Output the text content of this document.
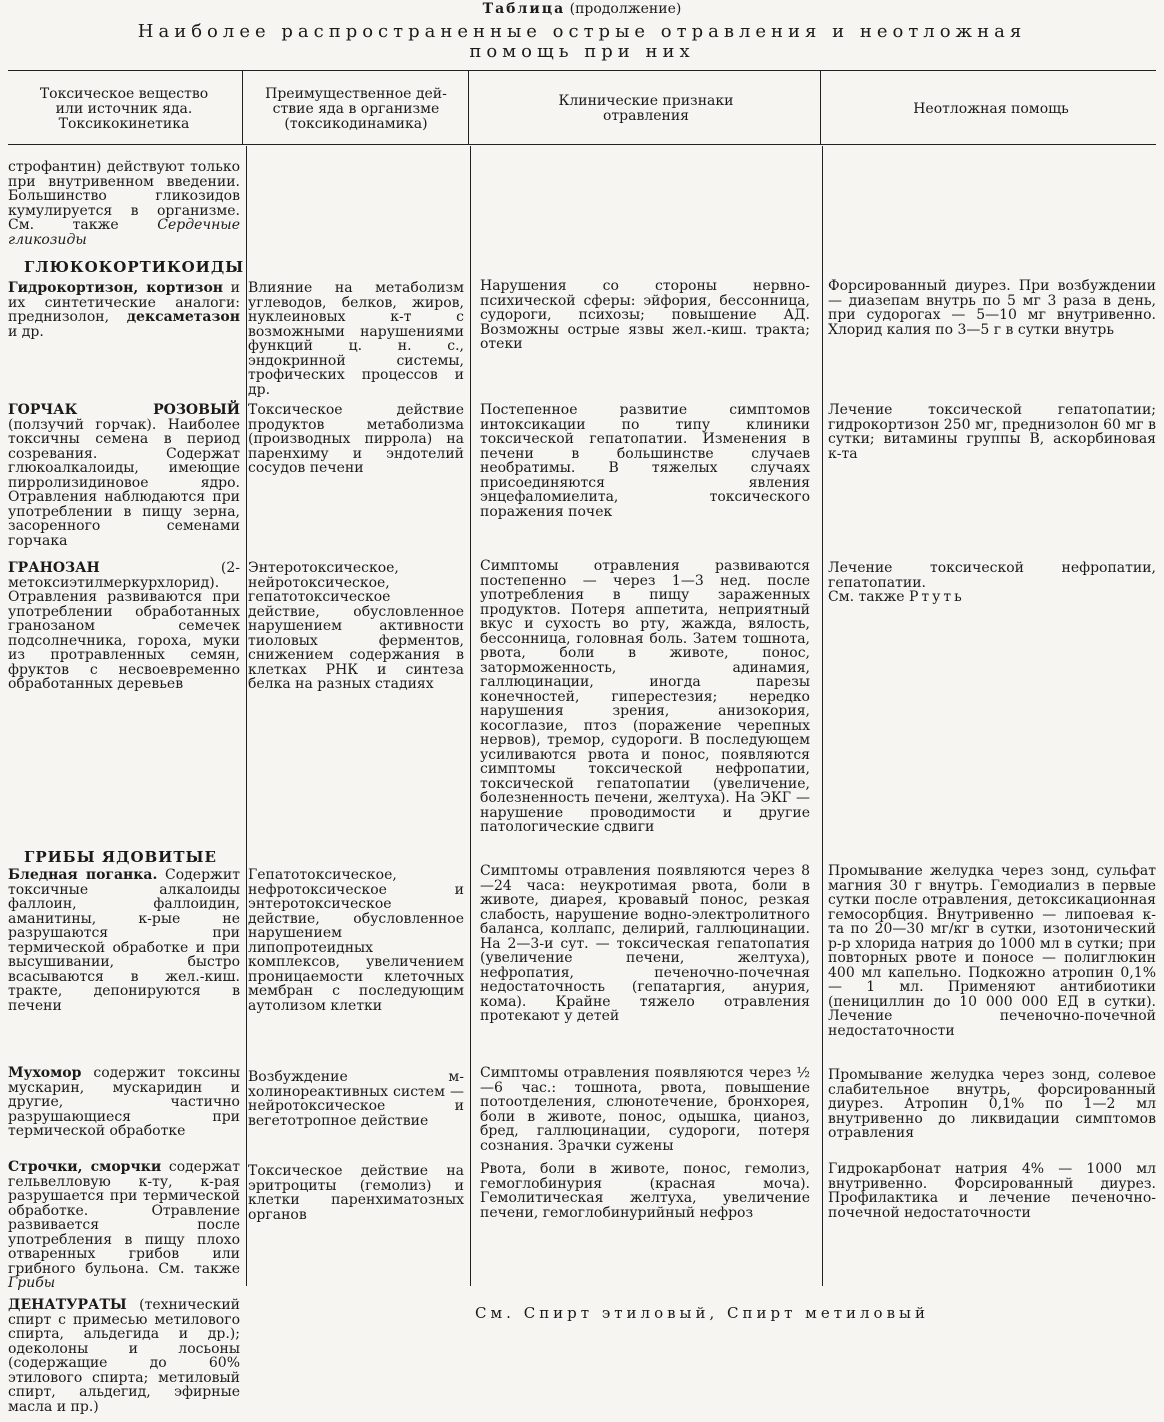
Таблица (продолжение)
Наиболее распространенные острые отравления и неотложная
помощь при них
Токсическое вещество
или источник яда.
Токсикокинетика
Преимущественное дей-
ствие яда в организме
(токсикодинамика)
Клинические признаки
отравления	Неотложная помощь
строфантин) действуют только при внутривенном введении. Большинство гликозидов кумулируется в организме. См. также	Сердечные гликозиды
ГЛЮКОКОРТИКОИДЫ
Гидрокортизон, кортизон и их синтетические аналоги: преднизолон, дексаметазон и др.
Влияние на метаболизм углеводов, белков, жиров, нуклеиновых к-т с возможными нарушениями функций ц. н. с., эндокринной системы, трофических процессов и др.
Нарушения со стороны нервно-психической сферы: эйфория, бессонница, судороги, психозы; повышение АД. Возможны острые язвы жел.-киш. тракта; отеки
Форсированный диурез. При возбуждении — диазепам внутрь по 5 мг 3 раза в день, при судорогах — 5—10 мг внутривенно. Хлорид калия по 3—5 г в сутки внутрь
ГОРЧАК РОЗОВЫЙ (ползучий горчак). Наиболее токсичны семена в период созревания. Содержат глюкоалкалоиды, имеющие пирролизидиновое ядро. Отравления наблюдаются при употреблении в пищу зерна, засоренного семенами горчака
Токсическое действие продуктов метаболизма (производных пиррола) на паренхиму и эндотелий сосудов печени
Постепенное развитие симптомов интоксикации по типу клиники токсической гепатопатии. Изменения в печени в большинстве случаев необратимы. В тяжелых случаях присоединяются явления энцефаломиелита, токсического поражения почек
Лечение токсической гепатопатии; гидрокортизон 250 мг, преднизолон 60 мг в сутки; витамины группы B, аскорбиновая к-та
ГРАНОЗАН (2-метоксиэтилмеркурхлорид). Отравления развиваются при употреблении обработанных гранозаном семечек подсолнечника, гороха, муки из протравленных семян, фруктов с несвоевременно обработанных деревьев
Энтеротоксическое, нейротоксическое, гепатотоксическое действие, обусловленное нарушением активности тиоловых ферментов, снижением содержания в клетках РНК и синтеза белка на разных стадиях
Симптомы отравления развиваются постепенно — через 1—3 нед. после употребления в пищу зараженных продуктов. Потеря аппетита, неприятный вкус и сухость во рту, жажда, вялость, бессонница, головная боль. Затем тошнота, рвота, боли в животе, понос, заторможенность, адинамия, галлюцинации, иногда парезы конечностей, гиперестезия; нередко нарушения зрения, анизокория, косоглазие, птоз (поражение черепных нервов), тремор, судороги. В последующем усиливаются рвота и понос, появляются симптомы токсической нефропатии, токсической гепатопатии (увеличение, болезненность печени, желтуха). На ЭКГ — нарушение проводимости и другие патологические сдвиги
Лечение токсической нефропатии, гепатопатии.
См. также Ртуть
ГРИБЫ ЯДОВИТЫЕ
Бледная поганка. Содержит токсичные алкалоиды фаллоин, фаллоидин, аманитины, к-рые не разрушаются при термической обработке и при высушивании, быстро всасываются в жел.-киш. тракте, депонируются в печени
Гепатотоксическое, нефротоксическое и энтеротоксическое действие, обусловленное нарушением липопротеидных комплексов, увеличением проницаемости клеточных мембран с последующим аутолизом клетки
Симптомы отравления появляются через 8—24 часа: неукротимая рвота, боли в животе, диарея, кровавый понос, резкая слабость, нарушение водно-электролитного баланса, коллапс, делирий, галлюцинации. На 2—3-и сут. — токсическая гепатопатия (увеличение печени, желтуха), нефропатия, печеночно-почечная недостаточность (гепатаргия, анурия, кома). Крайне тяжело отравления протекают у детей
Промывание желудка через зонд, сульфат магния 30 г внутрь. Гемодиализ в первые сутки после отравления, детоксикационная гемосорбция. Внутривенно — липоевая к-та по 20—30 мг/кг в сутки, изотонический р-р хлорида натрия до 1000 мл в сутки; при повторных рвоте и поносе — полиглюкин 400 мл капельно. Подкожно атропин 0,1% — 1 мл. Применяют антибиотики (пенициллин до 10 000 000 ЕД в сутки). Лечение печеночно-почечной недостаточности
Мухомор содержит токсины мускарин, мускаридин и другие, частично разрушающиеся при термической обработке
Возбуждение м-холинореактивных систем — нейротоксическое и вегетотропное действие
Симптомы отравления появляются через ½—6 час.: тошнота, рвота, повышение потоотделения, слюнотечение, бронхорея, боли в животе, понос, одышка, цианоз, бред, галлюцинации, судороги, потеря сознания. Зрачки сужены
Промывание желудка через зонд, солевое слабительное внутрь, форсированный диурез. Атропин 0,1% по 1—2 мл внутривенно до ликвидации симптомов отравления
Строчки, сморчки содержат гельвелловую к-ту, к-рая разрушается при термической обработке. Отравление развивается после употребления в пищу плохо отваренных грибов или грибного бульона. См. также Грибы
Токсическое действие на эритроциты (гемолиз) и клетки паренхиматозных органов
Рвота, боли в животе, понос, гемолиз, гемоглобинурия (красная моча). Гемолитическая желтуха, увеличение печени, гемоглобинурийный нефроз
Гидрокарбонат натрия 4% — 1000 мл внутривенно. Форсированный диурез. Профилактика и лечение печеночно-почечной недостаточности
ДЕНАТУРАТЫ (технический спирт с примесью метилового спирта, альдегида и др.); одеколоны и лосьоны (содержащие до 60% этилового спирта; метиловый спирт, альдегид, эфирные масла и пр.)
См. Спирт этиловый, Спирт метиловый
